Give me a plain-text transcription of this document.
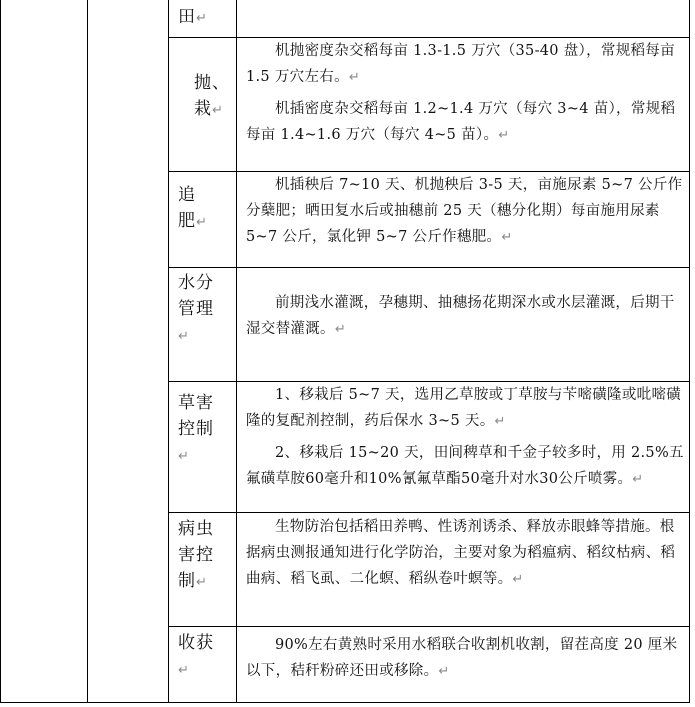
田↵
抛、栽↵

机抛密度杂交稻每亩 1.3-1.5 万穴（35-40 盘），常规稻每亩 1.5 万穴左右。↵

机插密度杂交稻每亩 1.2~1.4 万穴（每穴 3~4 苗），常规稻每亩 1.4~1.6 万穴（每穴 4~5 苗）。↵

追肥↵

机插秧后 7~10 天、机抛秧后 3-5 天，亩施尿素 5~7 公斤作分蘖肥；晒田复水后或抽穗前 25 天（穗分化期）每亩施用尿素 5~7 公斤，氯化钾 5~7 公斤作穗肥。↵

水分管理↵

前期浅水灌溉，孕穗期、抽穗扬花期深水或水层灌溉，后期干湿交替灌溉。↵

草害控制↵

1、移栽后 5~7 天，选用乙草胺或丁草胺与苄嘧磺隆或吡嘧磺隆的复配剂控制，药后保水 3~5 天。↵

2、移栽后 15~20 天，田间稗草和千金子较多时，用 2.5%五氟磺草胺60毫升和10%氰氟草酯50毫升对水30公斤喷雾。↵

病虫害控制↵

生物防治包括稻田养鸭、性诱剂诱杀、释放赤眼蜂等措施。根据病虫测报通知进行化学防治，主要对象为稻瘟病、稻纹枯病、稻曲病、稻飞虱、二化螟、稻纵卷叶螟等。↵

收获↵

90%左右黄熟时采用水稻联合收割机收割，留茬高度 20 厘米以下，秸秆粉碎还田或移除。↵
